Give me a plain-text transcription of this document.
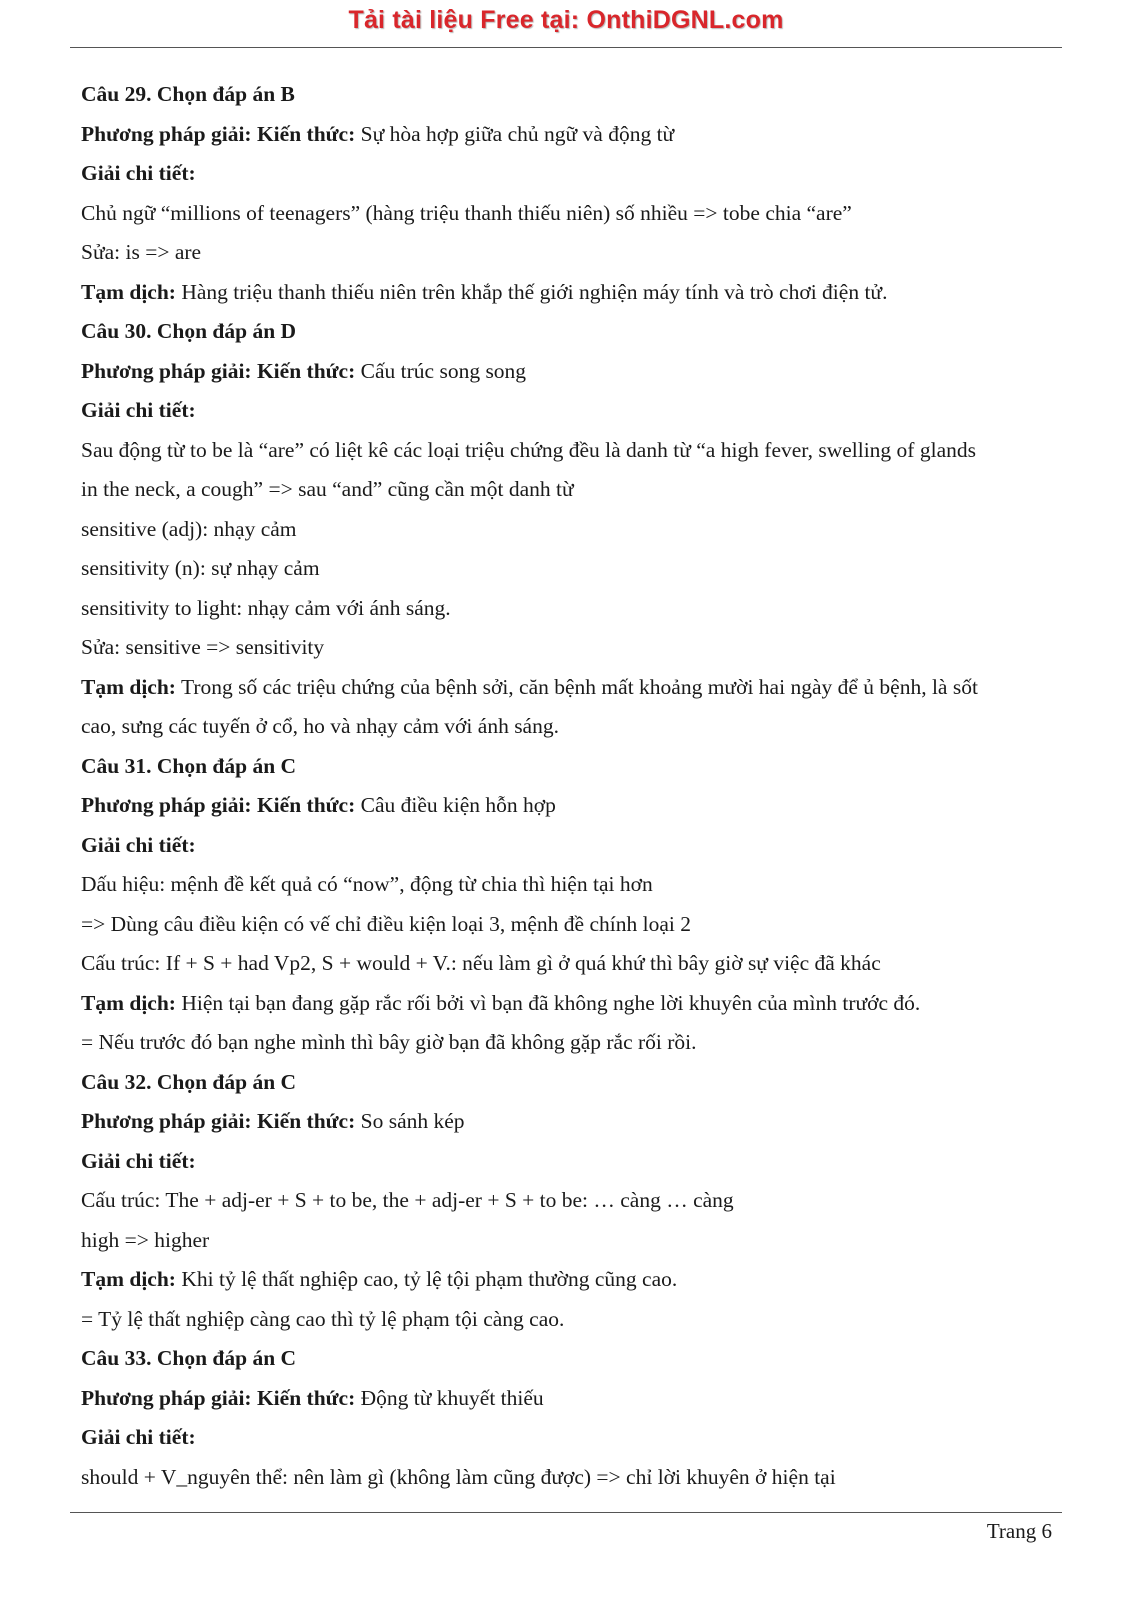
Tải tài liệu Free tại: OnthiDGNL.com

Câu 29. Chọn đáp án B

Phương pháp giải: Kiến thức: Sự hòa hợp giữa chủ ngữ và động từ

Giải chi tiết:

Chủ ngữ “millions of teenagers” (hàng triệu thanh thiếu niên) số nhiều => tobe chia “are”

Sửa: is => are

Tạm dịch: Hàng triệu thanh thiếu niên trên khắp thế giới nghiện máy tính và trò chơi điện tử.

Câu 30. Chọn đáp án D

Phương pháp giải: Kiến thức: Cấu trúc song song

Giải chi tiết:

Sau động từ to be là “are” có liệt kê các loại triệu chứng đều là danh từ “a high fever, swelling of glands

in the neck, a cough” => sau “and” cũng cần một danh từ

sensitive (adj): nhạy cảm

sensitivity (n): sự nhạy cảm

sensitivity to light: nhạy cảm với ánh sáng.

Sửa: sensitive => sensitivity

Tạm dịch: Trong số các triệu chứng của bệnh sởi, căn bệnh mất khoảng mười hai ngày để ủ bệnh, là sốt

cao, sưng các tuyến ở cổ, ho và nhạy cảm với ánh sáng.

Câu 31. Chọn đáp án C

Phương pháp giải: Kiến thức: Câu điều kiện hỗn hợp

Giải chi tiết:

Dấu hiệu: mệnh đề kết quả có “now”, động từ chia thì hiện tại hơn

=> Dùng câu điều kiện có vế chỉ điều kiện loại 3, mệnh đề chính loại 2

Cấu trúc: If + S + had Vp2, S + would + V.: nếu làm gì ở quá khứ thì bây giờ sự việc đã khác

Tạm dịch: Hiện tại bạn đang gặp rắc rối bởi vì bạn đã không nghe lời khuyên của mình trước đó.

= Nếu trước đó bạn nghe mình thì bây giờ bạn đã không gặp rắc rối rồi.

Câu 32. Chọn đáp án C

Phương pháp giải: Kiến thức: So sánh kép

Giải chi tiết:

Cấu trúc: The + adj-er + S + to be, the + adj-er + S + to be: … càng … càng

high => higher

Tạm dịch: Khi tỷ lệ thất nghiệp cao, tỷ lệ tội phạm thường cũng cao.

= Tỷ lệ thất nghiệp càng cao thì tỷ lệ phạm tội càng cao.

Câu 33. Chọn đáp án C

Phương pháp giải: Kiến thức: Động từ khuyết thiếu

Giải chi tiết:

should + V_nguyên thể: nên làm gì (không làm cũng được) => chỉ lời khuyên ở hiện tại

Trang 6
